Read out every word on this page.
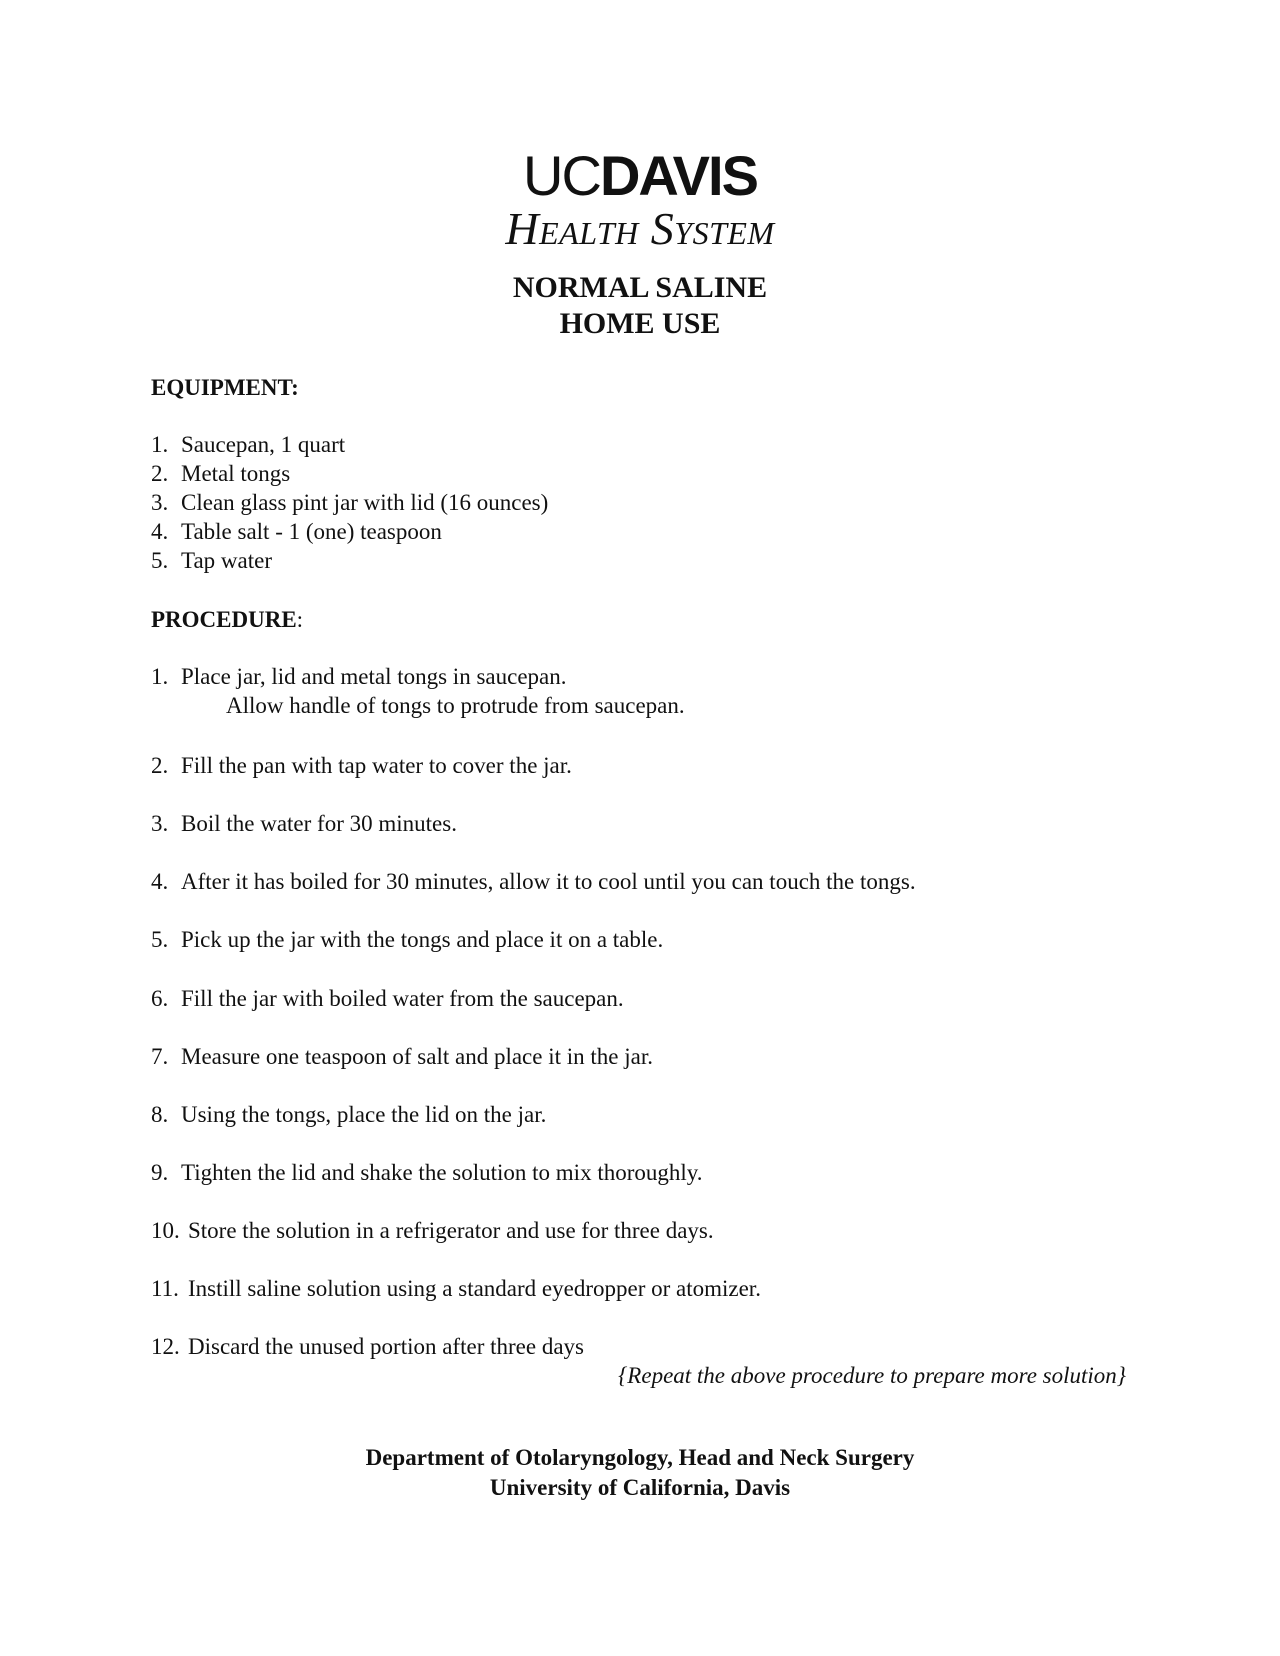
UCDAVIS
Health System
NORMAL SALINE
HOME USE
EQUIPMENT:
1. Saucepan, 1 quart
2. Metal tongs
3. Clean glass pint jar with lid (16 ounces)
4. Table salt - 1 (one) teaspoon
5. Tap water
PROCEDURE:
1. Place jar, lid and metal tongs in saucepan.
Allow handle of tongs to protrude from saucepan.
2. Fill the pan with tap water to cover the jar.
3. Boil the water for 30 minutes.
4. After it has boiled for 30 minutes, allow it to cool until you can touch the tongs.
5. Pick up the jar with the tongs and place it on a table.
6. Fill the jar with boiled water from the saucepan.
7. Measure one teaspoon of salt and place it in the jar.
8. Using the tongs, place the lid on the jar.
9. Tighten the lid and shake the solution to mix thoroughly.
10. Store the solution in a refrigerator and use for three days.
11. Instill saline solution using a standard eyedropper or atomizer.
12. Discard the unused portion after three days
{Repeat the above procedure to prepare more solution}
Department of Otolaryngology, Head and Neck Surgery
University of California, Davis
